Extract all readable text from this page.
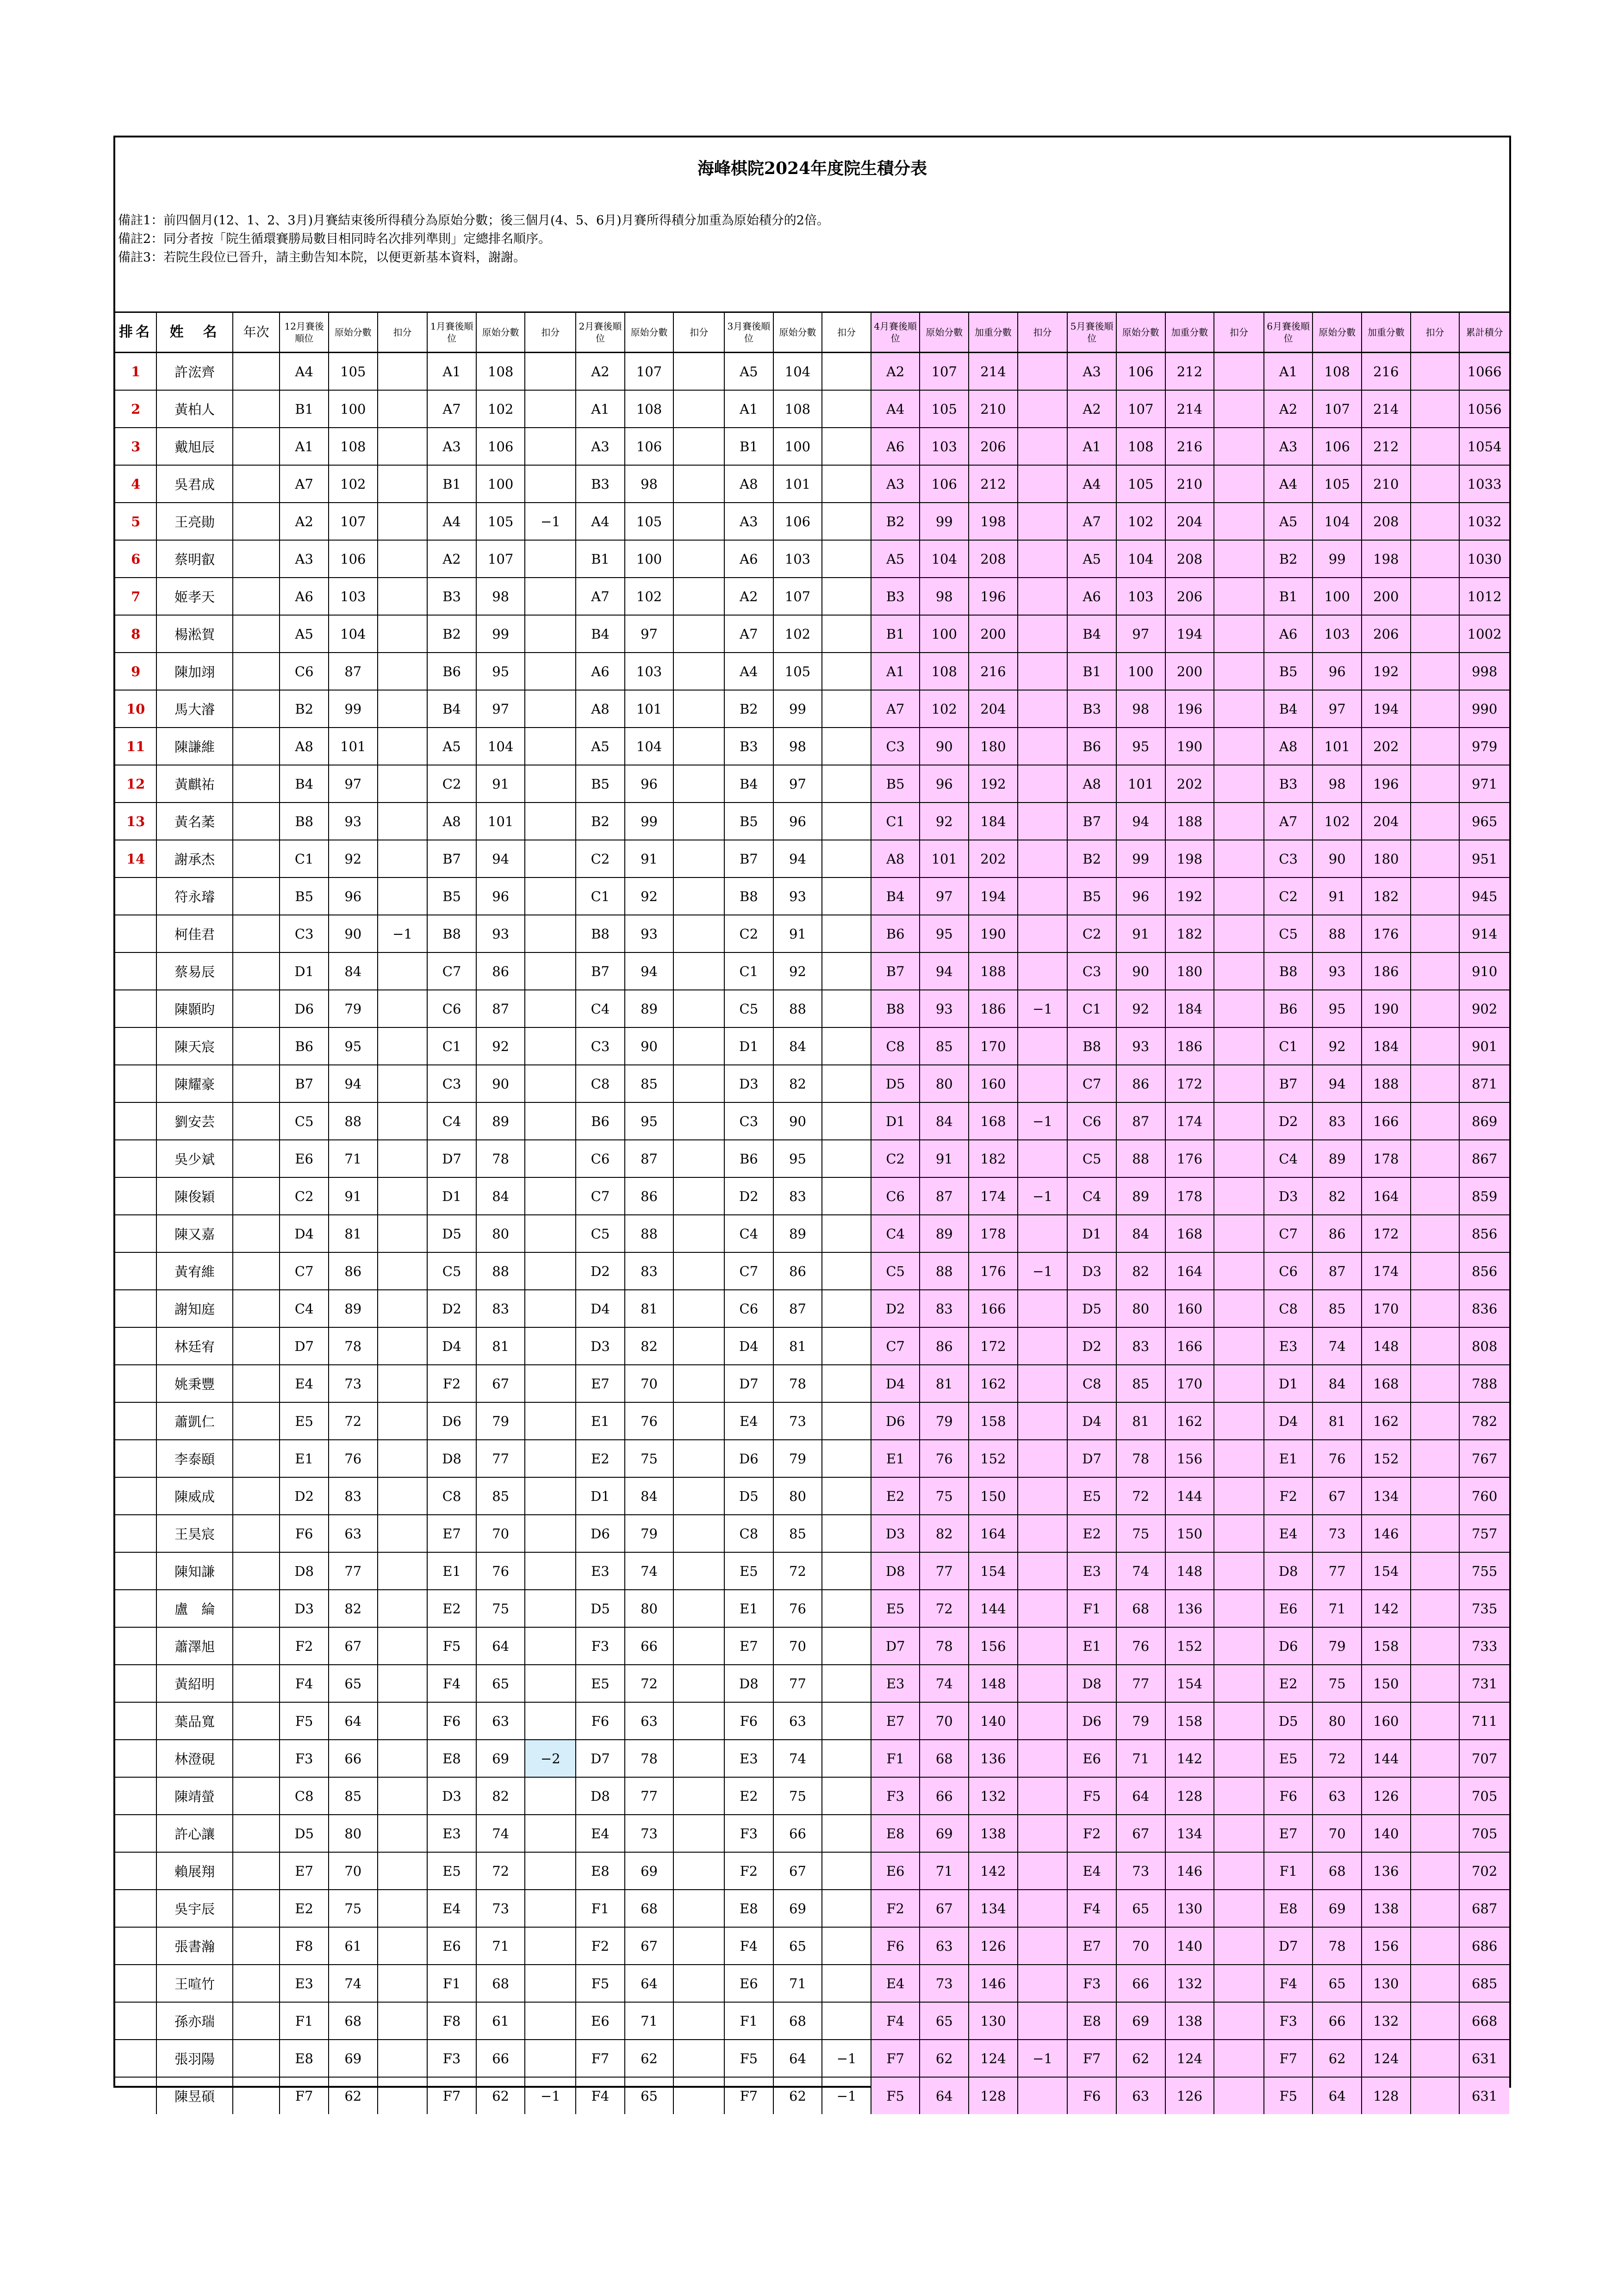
海峰棋院2024年度院生積分表
備註1：前四個月(12、1、2、3月)月賽結束後所得積分為原始分數；後三個月(4、5、6月)月賽所得積分加重為原始積分的2倍。
備註2：同分者按「院生循環賽勝局數目相同時名次排列準則」定總排名順序。
備註3：若院生段位已晉升，請主動告知本院，以便更新基本資料，謝謝。
排名	姓　名	年次	12月賽後順位	原始分數	扣分	1月賽後順位	原始分數	扣分	2月賽後順位	原始分數	扣分	3月賽後順位	原始分數	扣分	4月賽後順位	原始分數	加重分數	扣分	5月賽後順位	原始分數	加重分數	扣分	6月賽後順位	原始分數	加重分數	扣分	累計積分
1	許浤齊		A4	105		A1	108		A2	107		A5	104		A2	107	214		A3	106	212		A1	108	216		1066
2	黃柏人		B1	100		A7	102		A1	108		A1	108		A4	105	210		A2	107	214		A2	107	214		1056
3	戴旭辰		A1	108		A3	106		A3	106		B1	100		A6	103	206		A1	108	216		A3	106	212		1054
4	吳君成		A7	102		B1	100		B3	98		A8	101		A3	106	212		A4	105	210		A4	105	210		1033
5	王亮勛		A2	107		A4	105	−1	A4	105		A3	106		B2	99	198		A7	102	204		A5	104	208		1032
6	蔡明叡		A3	106		A2	107		B1	100		A6	103		A5	104	208		A5	104	208		B2	99	198		1030
7	姬孝天		A6	103		B3	98		A7	102		A2	107		B3	98	196		A6	103	206		B1	100	200		1012
8	楊淞賀		A5	104		B2	99		B4	97		A7	102		B1	100	200		B4	97	194		A6	103	206		1002
9	陳加翊		C6	87		B6	95		A6	103		A4	105		A1	108	216		B1	100	200		B5	96	192		998
10	馬大濬		B2	99		B4	97		A8	101		B2	99		A7	102	204		B3	98	196		B4	97	194		990
11	陳謙維		A8	101		A5	104		A5	104		B3	98		C3	90	180		B6	95	190		A8	101	202		979
12	黃麒祐		B4	97		C2	91		B5	96		B4	97		B5	96	192		A8	101	202		B3	98	196		971
13	黃名葇		B8	93		A8	101		B2	99		B5	96		C1	92	184		B7	94	188		A7	102	204		965
14	謝承杰		C1	92		B7	94		C2	91		B7	94		A8	101	202		B2	99	198		C3	90	180		951
	符永璿		B5	96		B5	96		C1	92		B8	93		B4	97	194		B5	96	192		C2	91	182		945
	柯佳君		C3	90	−1	B8	93		B8	93		C2	91		B6	95	190		C2	91	182		C5	88	176		914
	蔡易辰		D1	84		C7	86		B7	94		C1	92		B7	94	188		C3	90	180		B8	93	186		910
	陳顥昀		D6	79		C6	87		C4	89		C5	88		B8	93	186	−1	C1	92	184		B6	95	190		902
	陳天宸		B6	95		C1	92		C3	90		D1	84		C8	85	170		B8	93	186		C1	92	184		901
	陳耀豪		B7	94		C3	90		C8	85		D3	82		D5	80	160		C7	86	172		B7	94	188		871
	劉安芸		C5	88		C4	89		B6	95		C3	90		D1	84	168	−1	C6	87	174		D2	83	166		869
	吳少斌		E6	71		D7	78		C6	87		B6	95		C2	91	182		C5	88	176		C4	89	178		867
	陳俊穎		C2	91		D1	84		C7	86		D2	83		C6	87	174	−1	C4	89	178		D3	82	164		859
	陳又嘉		D4	81		D5	80		C5	88		C4	89		C4	89	178		D1	84	168		C7	86	172		856
	黃宥維		C7	86		C5	88		D2	83		C7	86		C5	88	176	−1	D3	82	164		C6	87	174		856
	謝知庭		C4	89		D2	83		D4	81		C6	87		D2	83	166		D5	80	160		C8	85	170		836
	林廷宥		D7	78		D4	81		D3	82		D4	81		C7	86	172		D2	83	166		E3	74	148		808
	姚秉豐		E4	73		F2	67		E7	70		D7	78		D4	81	162		C8	85	170		D1	84	168		788
	蕭凱仁		E5	72		D6	79		E1	76		E4	73		D6	79	158		D4	81	162		D4	81	162		782
	李泰頤		E1	76		D8	77		E2	75		D6	79		E1	76	152		D7	78	156		E1	76	152		767
	陳威成		D2	83		C8	85		D1	84		D5	80		E2	75	150		E5	72	144		F2	67	134		760
	王昊宸		F6	63		E7	70		D6	79		C8	85		D3	82	164		E2	75	150		E4	73	146		757
	陳知謙		D8	77		E1	76		E3	74		E5	72		D8	77	154		E3	74	148		D8	77	154		755
	盧　綸		D3	82		E2	75		D5	80		E1	76		E5	72	144		F1	68	136		E6	71	142		735
	蕭澤旭		F2	67		F5	64		F3	66		E7	70		D7	78	156		E1	76	152		D6	79	158		733
	黃紹明		F4	65		F4	65		E5	72		D8	77		E3	74	148		D8	77	154		E2	75	150		731
	葉品寬		F5	64		F6	63		F6	63		F6	63		E7	70	140		D6	79	158		D5	80	160		711
	林澄硯		F3	66		E8	69	−2	D7	78		E3	74		F1	68	136		E6	71	142		E5	72	144		707
	陳靖螢		C8	85		D3	82		D8	77		E2	75		F3	66	132		F5	64	128		F6	63	126		705
	許心讓		D5	80		E3	74		E4	73		F3	66		E8	69	138		F2	67	134		E7	70	140		705
	賴展翔		E7	70		E5	72		E8	69		F2	67		E6	71	142		E4	73	146		F1	68	136		702
	吳宇辰		E2	75		E4	73		F1	68		E8	69		F2	67	134		F4	65	130		E8	69	138		687
	張書瀚		F8	61		E6	71		F2	67		F4	65		F6	63	126		E7	70	140		D7	78	156		686
	王喧竹		E3	74		F1	68		F5	64		E6	71		E4	73	146		F3	66	132		F4	65	130		685
	孫亦瑞		F1	68		F8	61		E6	71		F1	68		F4	65	130		E8	69	138		F3	66	132		668
	張羽陽		E8	69		F3	66		F7	62		F5	64	−1	F7	62	124	−1	F7	62	124		F7	62	124		631
	陳昱碩		F7	62		F7	62	−1	F4	65		F7	62	−1	F5	64	128		F6	63	126		F5	64	128		631
